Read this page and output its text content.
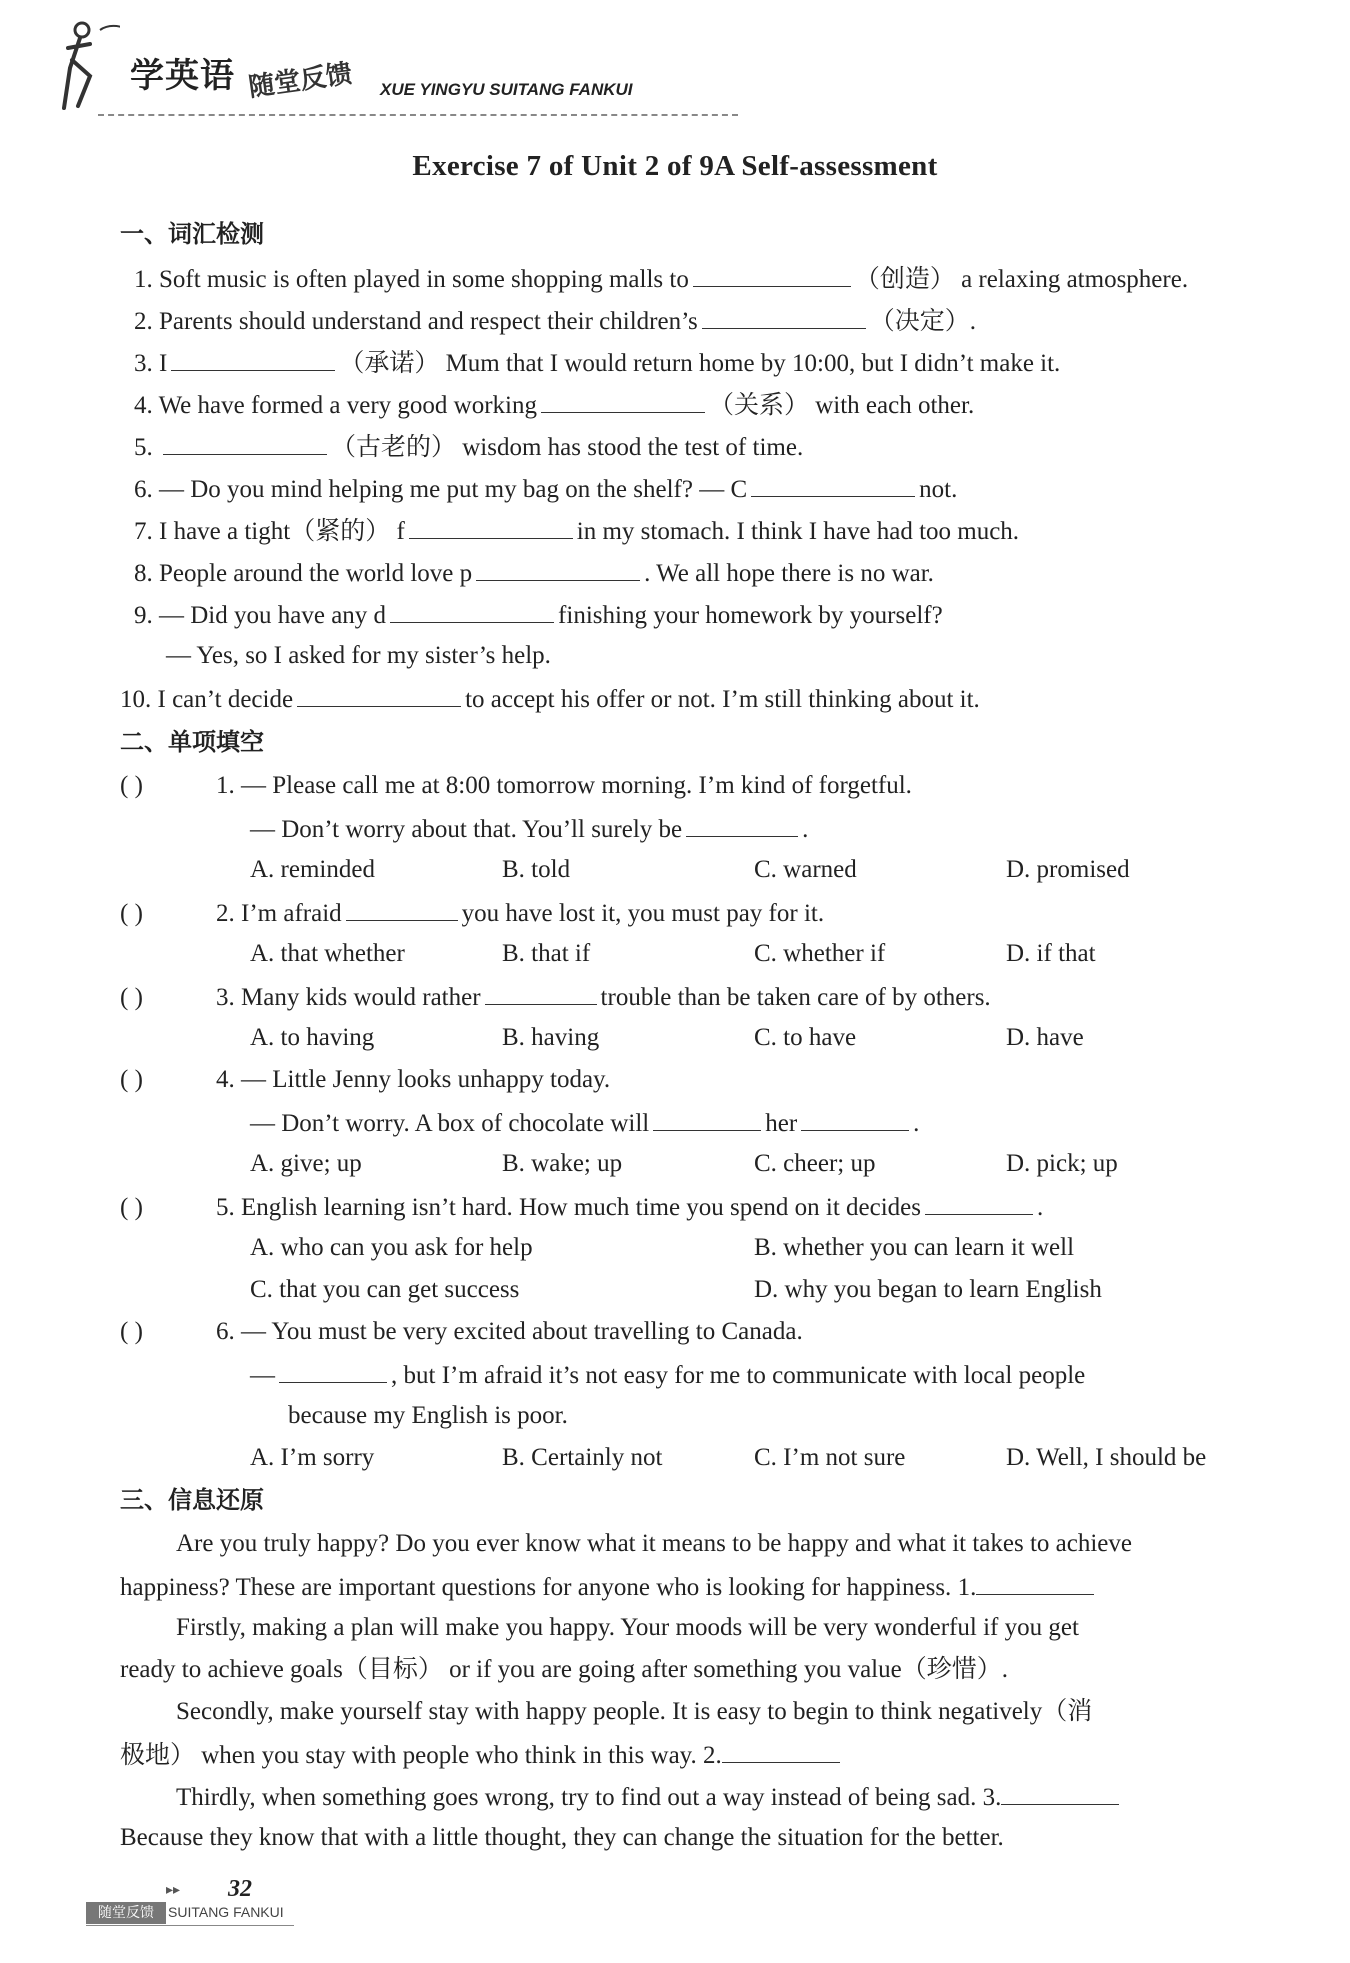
学英语 随堂反馈 XUE YINGYU SUITANG FANKUI
Exercise 7 of Unit 2 of 9A Self-assessment
一、词汇检测
1. Soft music is often played in some shopping malls to	（创造） a relaxing atmosphere.
2. Parents should understand and respect their children’s	（决定）.
3. I	（承诺） Mum that I would return home by 10:00, but I didn’t make it.
4. We have formed a very good working	（关系） with each other.
5.	（古老的） wisdom has stood the test of time.
6. — Do you mind helping me put my bag on the shelf? — C	not.
7. I have a tight（紧的） f	in my stomach. I think I have had too much.
8. People around the world love p	. We all hope there is no war.
9. — Did you have any d	finishing your homework by yourself?
— Yes, so I asked for my sister’s help.
10. I can’t decide	to accept his offer or not. I’m still thinking about it.
二、单项填空
( )	1. — Please call me at 8:00 tomorrow morning. I’m kind of forgetful.
— Don’t worry about that. You’ll surely be	.
A. reminded	B. told	C. warned	D. promised
( )	2. I’m afraid	you have lost it, you must pay for it.
A. that whether	B. that if	C. whether if	D. if that
( )	3. Many kids would rather	trouble than be taken care of by others.
A. to having	B. having	C. to have	D. have
( )	4. — Little Jenny looks unhappy today.
— Don’t worry. A box of chocolate will	her	.
A. give; up	B. wake; up	C. cheer; up	D. pick; up
( )	5. English learning isn’t hard. How much time you spend on it decides	.
A. who can you ask for help	B. whether you can learn it well
C. that you can get success	D. why you began to learn English
( )	6. — You must be very excited about travelling to Canada.
—	, but I’m afraid it’s not easy for me to communicate with local people
because my English is poor.
A. I’m sorry	B. Certainly not	C. I’m not sure	D. Well, I should be
三、信息还原
Are you truly happy? Do you ever know what it means to be happy and what it takes to achieve
happiness? These are important questions for anyone who is looking for happiness. 1.
Firstly, making a plan will make you happy. Your moods will be very wonderful if you get
ready to achieve goals（目标） or if you are going after something you value（珍惜）.
Secondly, make yourself stay with happy people. It is easy to begin to think negatively（消
极地） when you stay with people who think in this way. 2.
Thirdly, when something goes wrong, try to find out a way instead of being sad. 3.
Because they know that with a little thought, they can change the situation for the better.
▸▸ 32
随堂反馈	SUITANG FANKUI
